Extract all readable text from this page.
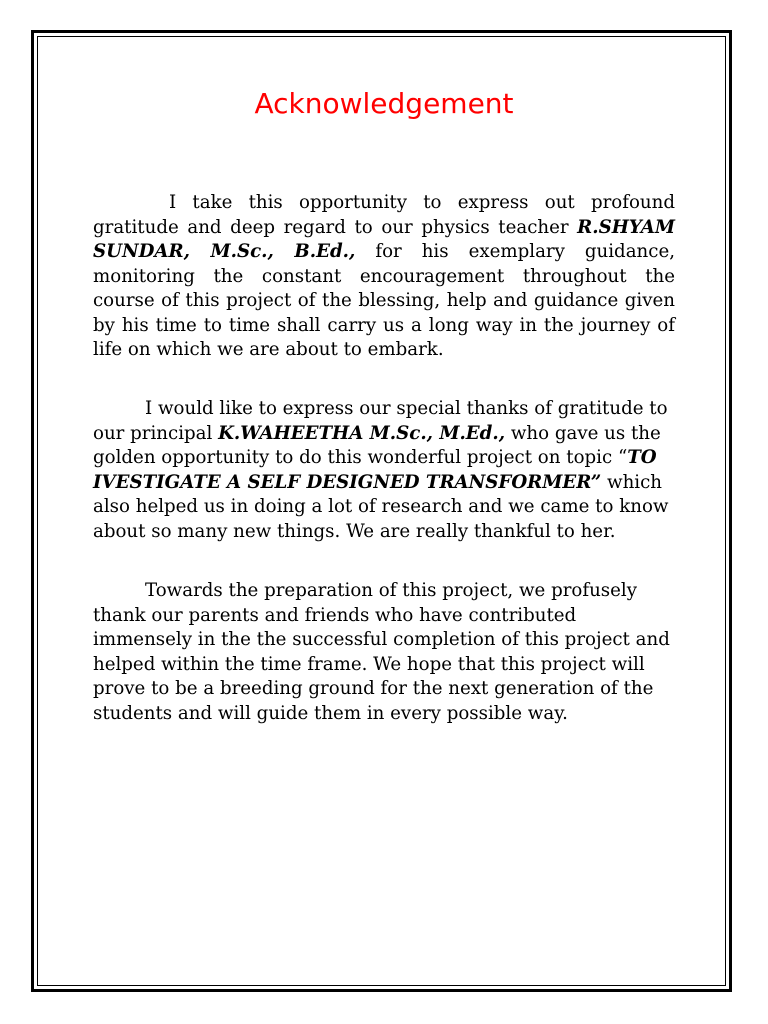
Acknowledgement

I take this opportunity to express out profound gratitude and deep regard to our physics teacher R.SHYAM SUNDAR, M.Sc., B.Ed., for his exemplary guidance, monitoring the constant encouragement throughout the course of this project of the blessing, help and guidance given by his time to time shall carry us a long way in the journey of life on which we are about to embark.

I would like to express our special thanks of gratitude to our principal K.WAHEETHA M.Sc., M.Ed., who gave us the golden opportunity to do this wonderful project on topic “TO IVESTIGATE A SELF DESIGNED TRANSFORMER” which also helped us in doing a lot of research and we came to know about so many new things. We are really thankful to her.

Towards the preparation of this project, we profusely thank our parents and friends who have contributed immensely in the the successful completion of this project and helped within the time frame. We hope that this project will prove to be a breeding ground for the next generation of the students and will guide them in every possible way.
